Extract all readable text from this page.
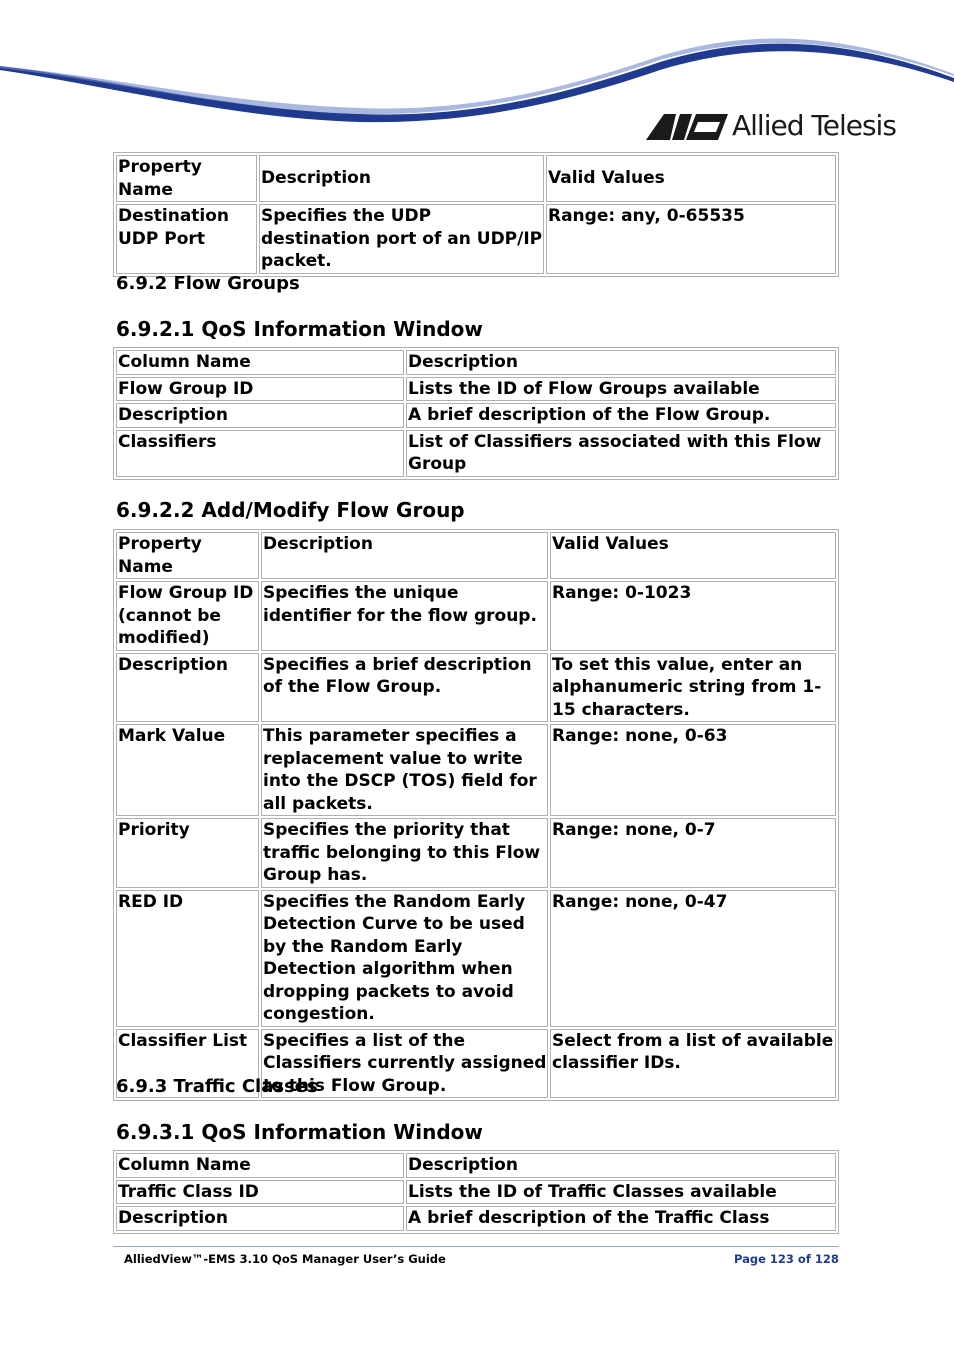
Allied Telesis
Property Name	Description	Valid Values
Destination UDP Port	Specifies the UDP destination port of an UDP/IP packet.	Range: any, 0-65535
6.9.2 Flow Groups
6.9.2.1 QoS Information Window
Column Name	Description
Flow Group ID	Lists the ID of Flow Groups available
Description	A brief description of the Flow Group.
Classifiers	List of Classifiers associated with this Flow Group
6.9.2.2 Add/Modify Flow Group
Property Name	Description	Valid Values
Flow Group ID (cannot be modified)	Specifies the unique identifier for the flow group.	Range: 0-1023
Description	Specifies a brief description of the Flow Group.	To set this value, enter an alphanumeric string from 1-15 characters.
Mark Value	This parameter specifies a replacement value to write into the DSCP (TOS) field for all packets.	Range: none, 0-63
Priority	Specifies the priority that traffic belonging to this Flow Group has.	Range: none, 0-7
RED ID	Specifies the Random Early Detection Curve to be used by the Random Early Detection algorithm when dropping packets to avoid congestion.	Range: none, 0-47
Classifier List	Specifies a list of the Classifiers currently assigned to this Flow Group.	Select from a list of available classifier IDs.
6.9.3 Traffic Classes
6.9.3.1 QoS Information Window
Column Name	Description
Traffic Class ID	Lists the ID of Traffic Classes available
Description	A brief description of the Traffic Class
AlliedView™-EMS 3.10 QoS Manager User’s Guide	Page 123 of 128
